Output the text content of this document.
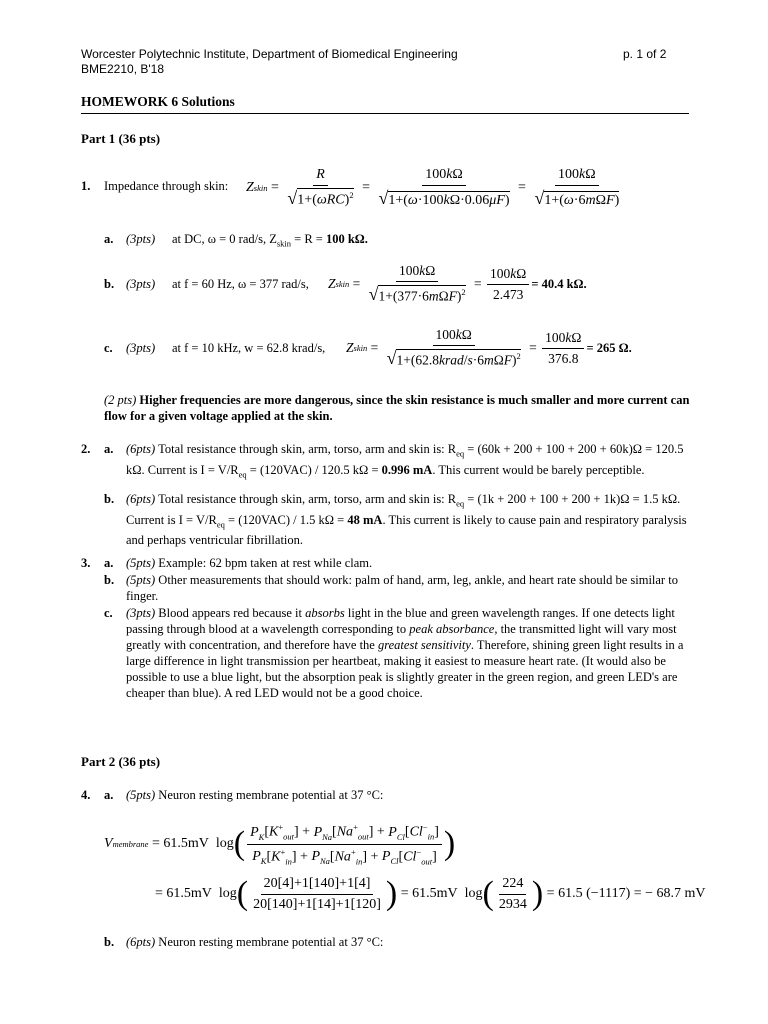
Worcester Polytechnic Institute, Department of Biomedical Engineering
BME2210, B'18
p. 1 of 2
HOMEWORK 6 Solutions
Part 1 (36 pts)
1. Impedance through skin: Z skin = $\frac{R}{√1+(\omega RC)^2} = \frac{100k\Omega}{√1+(\omega\cdot 100k\Omega\cdot 0.06\mu F)} = \frac{100k\Omega}{\text{√1+(ω·6mΩF)}}$
a. (3pts) at DC, ω = 0 rad/s, $Z_{skin} = R = 100$ kΩ.
b. (3pts) at f = 60 Hz, ω = 377 rad/s, Z skin = $\frac{100k\Omega}{√1+(377\cdot 6m\Omega F)^2} = \frac{100k\Omega}{2.473} = 40.4$ kΩ.
c. (3pts) at f = 10 kHz, w = 62.8 krad/s, Z skin = $\frac{100k\Omega}{√1+(62.8krad/s\cdot 6m\Omega F)^2} = \frac{100k\Omega}{376.8} = 265$ Ω.
(2 pts) Higher frequencies are more dangerous, since the skin resistance is much smaller and more current can flow for a given voltage applied at the skin.
2. a. (6pts) Total resistance through skin, arm, torso, arm and skin is: $R_{eq} = (60k + 200 + 100 + 200 + 60k)\Omega = 120.5$ kΩ. Current is $I = V/R_{eq} = (120VAC) / 120.5$ kΩ = 0.996 mA. This current would be barely perceptible.
b. (6pts) Total resistance through skin, arm, torso, arm and skin is: $R_{eq} = (1k + 200 + 100 + 200 + 1k)\Omega = 1.5$ kΩ. Current is $I = V/R_{eq} = (120VAC) / 1.5$ kΩ = 48 mA. This current is likely to cause pain and respiratory paralysis and perhaps ventricular fibrillation.
3. a. (5pts) Example: 62 bpm taken at rest while clam.
b. (5pts) Other measurements that should work: palm of hand, arm, leg, ankle, and heart rate should be similar to finger.
c. (3pts) Blood appears red because it absorbs light in the blue and green wavelength ranges. If one detects light passing through blood at a wavelength corresponding to peak absorbance, the transmitted light will vary most greatly with concentration, and therefore have the greatest sensitivity. Therefore, shining green light results in a large difference in light transmission per heartbeat, making it easiest to measure heart rate. (It would also be possible to use a blue light, but the absorption peak is slightly greater in the green region, and green LED's are cheaper than blue). A red LED would not be a good choice.
Part 2 (36 pts)
4. a. (5pts) Neuron resting membrane potential at 37 °C:
V membrane = 61.5mV  log ( $\frac{P_K[K^+_{out}] + P_{Na}[Na^+_{out}] + P_{Cl}[Cl^-_{in}]}{P_K[K^+_{in}] + P_{Na}[Na^+_{in}] + P_{Cl}[Cl^-_{out}]}$ )
= 61.5mV  log ( $\frac{20[4]+1[140]+1[4]}{20[140]+1[14]+1[120]}$ ) = 61.5mV  log ( $\frac{224}{2934}$ )
= 61.5 (−1117) = − 68.7 mV
b. (6pts) Neuron resting membrane potential at 37 °C:
